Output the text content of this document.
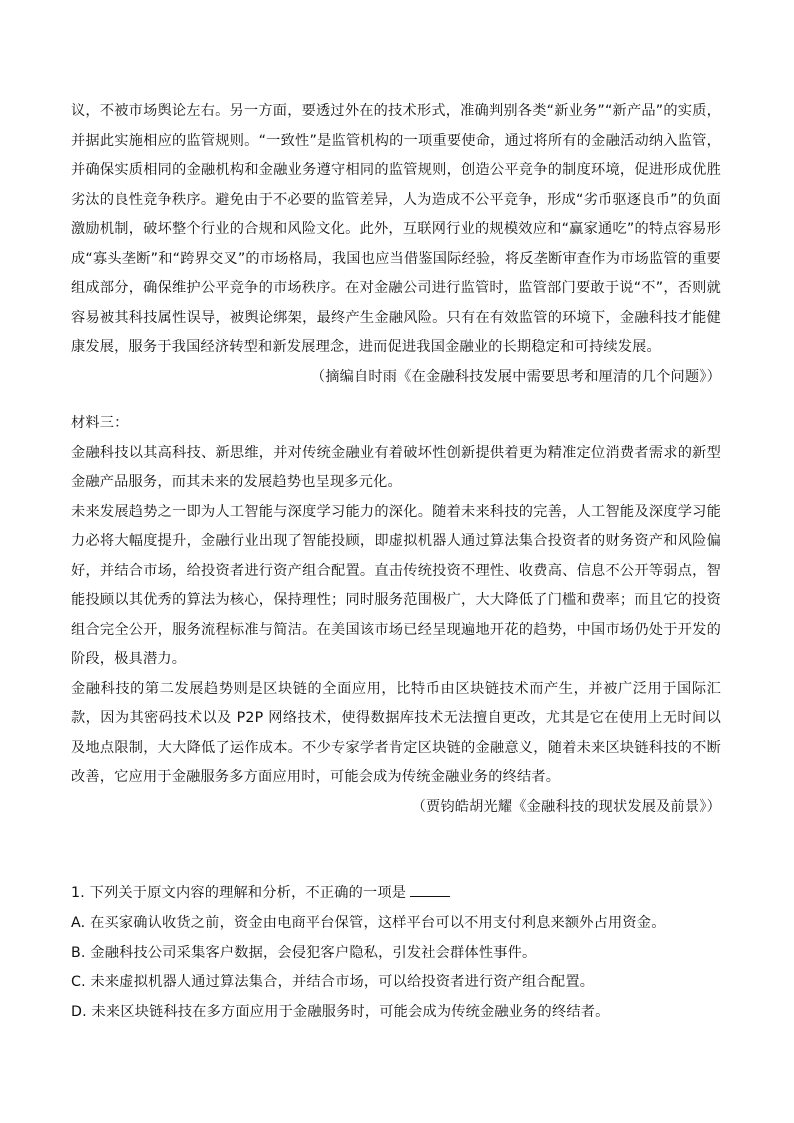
议，不被市场舆论左右。另一方面，要透过外在的技术形式，准确判别各类“新业务”“新产品”的实质，并据此实施相应的监管规则。“一致性”是监管机构的一项重要使命，通过将所有的金融活动纳入监管，并确保实质相同的金融机构和金融业务遵守相同的监管规则，创造公平竞争的制度环境，促进形成优胜劣汰的良性竞争秩序。避免由于不必要的监管差异，人为造成不公平竞争，形成“劣币驱逐良币”的负面激励机制，破坏整个行业的合规和风险文化。此外，互联网行业的规模效应和“赢家通吃”的特点容易形成“寡头垄断”和“跨界交叉”的市场格局，我国也应当借鉴国际经验，将反垄断审查作为市场监管的重要组成部分，确保维护公平竞争的市场秩序。在对金融公司进行监管时，监管部门要敢于说“不”，否则就容易被其科技属性误导，被舆论绑架，最终产生金融风险。只有在有效监管的环境下，金融科技才能健康发展，服务于我国经济转型和新发展理念，进而促进我国金融业的长期稳定和可持续发展。

（摘编自时雨《在金融科技发展中需要思考和厘清的几个问题》）

材料三：

金融科技以其高科技、新思维，并对传统金融业有着破坏性创新提供着更为精准定位消费者需求的新型金融产品服务，而其未来的发展趋势也呈现多元化。

未来发展趋势之一即为人工智能与深度学习能力的深化。随着未来科技的完善，人工智能及深度学习能力必将大幅度提升，金融行业出现了智能投顾，即虚拟机器人通过算法集合投资者的财务资产和风险偏好，并结合市场，给投资者进行资产组合配置。直击传统投资不理性、收费高、信息不公开等弱点，智能投顾以其优秀的算法为核心，保持理性；同时服务范围极广，大大降低了门槛和费率；而且它的投资组合完全公开，服务流程标准与简洁。在美国该市场已经呈现遍地开花的趋势，中国市场仍处于开发的阶段，极具潜力。

金融科技的第二发展趋势则是区块链的全面应用，比特币由区块链技术而产生，并被广泛用于国际汇款，因为其密码技术以及 P2P 网络技术，使得数据库技术无法擅自更改，尤其是它在使用上无时间以及地点限制，大大降低了运作成本。不少专家学者肯定区块链的金融意义，随着未来区块链科技的不断改善，它应用于金融服务多方面应用时，可能会成为传统金融业务的终结者。

（贾钧皓胡光耀《金融科技的现状发展及前景》）

1. 下列关于原文内容的理解和分析，不正确的一项是

A. 在买家确认收货之前，资金由电商平台保管，这样平台可以不用支付利息来额外占用资金。

B. 金融科技公司采集客户数据，会侵犯客户隐私，引发社会群体性事件。

C. 未来虚拟机器人通过算法集合，并结合市场，可以给投资者进行资产组合配置。

D. 未来区块链科技在多方面应用于金融服务时，可能会成为传统金融业务的终结者。
